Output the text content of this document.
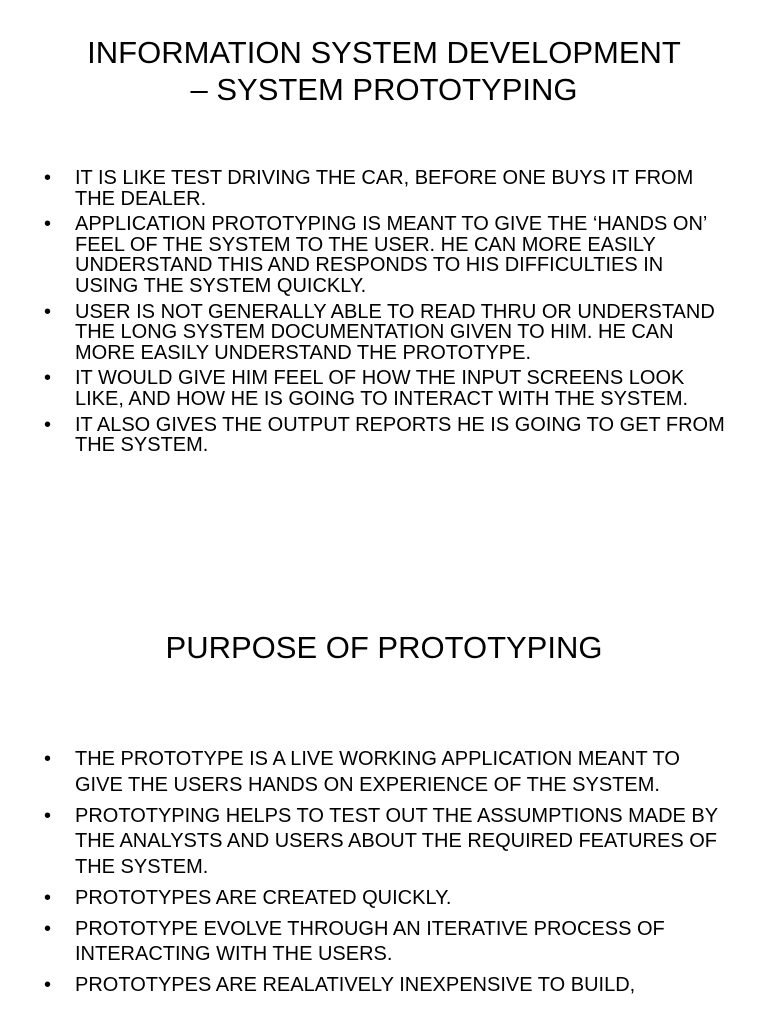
INFORMATION SYSTEM DEVELOPMENT
– SYSTEM PROTOTYPING
• IT IS LIKE TEST DRIVING THE CAR, BEFORE ONE BUYS IT FROM THE DEALER.
• APPLICATION PROTOTYPING IS MEANT TO GIVE THE ‘HANDS ON’ FEEL OF THE SYSTEM TO THE USER. HE CAN MORE EASILY UNDERSTAND THIS AND RESPONDS TO HIS DIFFICULTIES IN USING THE SYSTEM QUICKLY.
• USER IS NOT GENERALLY ABLE TO READ THRU OR UNDERSTAND THE LONG SYSTEM DOCUMENTATION GIVEN TO HIM. HE CAN MORE EASILY UNDERSTAND THE PROTOTYPE.
• IT WOULD GIVE HIM FEEL OF HOW THE INPUT SCREENS LOOK LIKE, AND HOW HE IS GOING TO INTERACT WITH THE SYSTEM.
• IT ALSO GIVES THE OUTPUT REPORTS HE IS GOING TO GET FROM THE SYSTEM.
PURPOSE OF PROTOTYPING
• THE PROTOTYPE IS A LIVE WORKING APPLICATION MEANT TO GIVE THE USERS HANDS ON EXPERIENCE OF THE SYSTEM.
• PROTOTYPING HELPS TO TEST OUT THE ASSUMPTIONS MADE BY THE ANALYSTS AND USERS ABOUT THE REQUIRED FEATURES OF THE SYSTEM.
• PROTOTYPES ARE CREATED QUICKLY.
• PROTOTYPE EVOLVE THROUGH AN ITERATIVE PROCESS OF INTERACTING WITH THE USERS.
• PROTOTYPES ARE REALATIVELY INEXPENSIVE TO BUILD,
